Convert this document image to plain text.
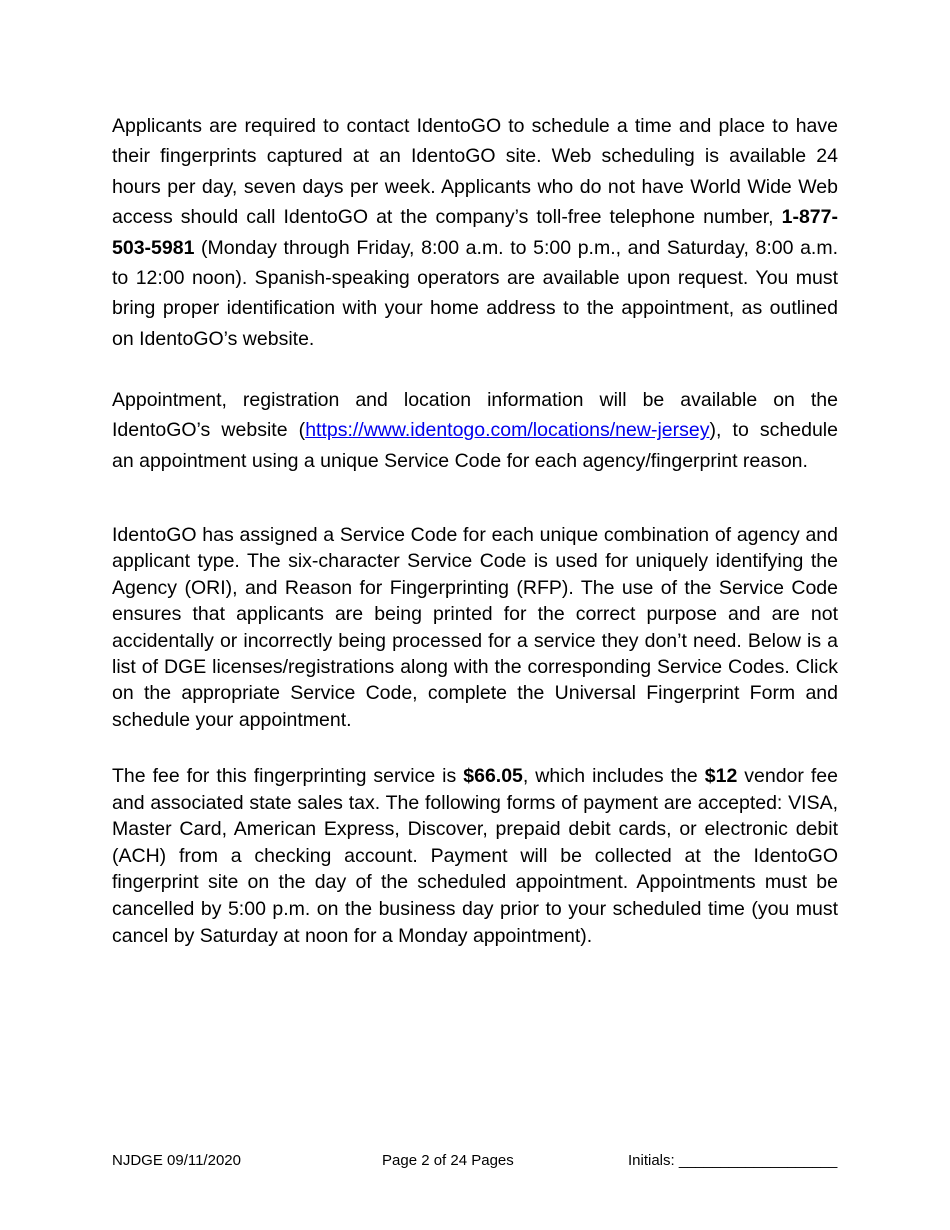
Applicants are required to contact IdentoGO to schedule a time and place to have their fingerprints captured at an IdentoGO site. Web scheduling is available 24 hours per day, seven days per week. Applicants who do not have World Wide Web access should call IdentoGO at the company’s toll-free telephone number, 1-877-503-5981 (Monday through Friday, 8:00 a.m. to 5:00 p.m., and Saturday, 8:00 a.m. to 12:00 noon). Spanish-speaking operators are available upon request. You must bring proper identification with your home address to the appointment, as outlined on IdentoGO’s website.

Appointment, registration and location information will be available on the IdentoGO’s website (https://www.identogo.com/locations/new-jersey), to schedule an appointment using a unique Service Code for each agency/fingerprint reason.

IdentoGO has assigned a Service Code for each unique combination of agency and applicant type. The six-character Service Code is used for uniquely identifying the Agency (ORI), and Reason for Fingerprinting (RFP). The use of the Service Code ensures that applicants are being printed for the correct purpose and are not accidentally or incorrectly being processed for a service they don’t need. Below is a list of DGE licenses/registrations along with the corresponding Service Codes. Click on the appropriate Service Code, complete the Universal Fingerprint Form and schedule your appointment.

The fee for this fingerprinting service is $66.05, which includes the $12 vendor fee and associated state sales tax. The following forms of payment are accepted: VISA, Master Card, American Express, Discover, prepaid debit cards, or electronic debit (ACH) from a checking account. Payment will be collected at the IdentoGO fingerprint site on the day of the scheduled appointment. Appointments must be cancelled by 5:00 p.m. on the business day prior to your scheduled time (you must cancel by Saturday at noon for a Monday appointment).

NJDGE 09/11/2020	Page 2 of 24 Pages	Initials: ___________________
